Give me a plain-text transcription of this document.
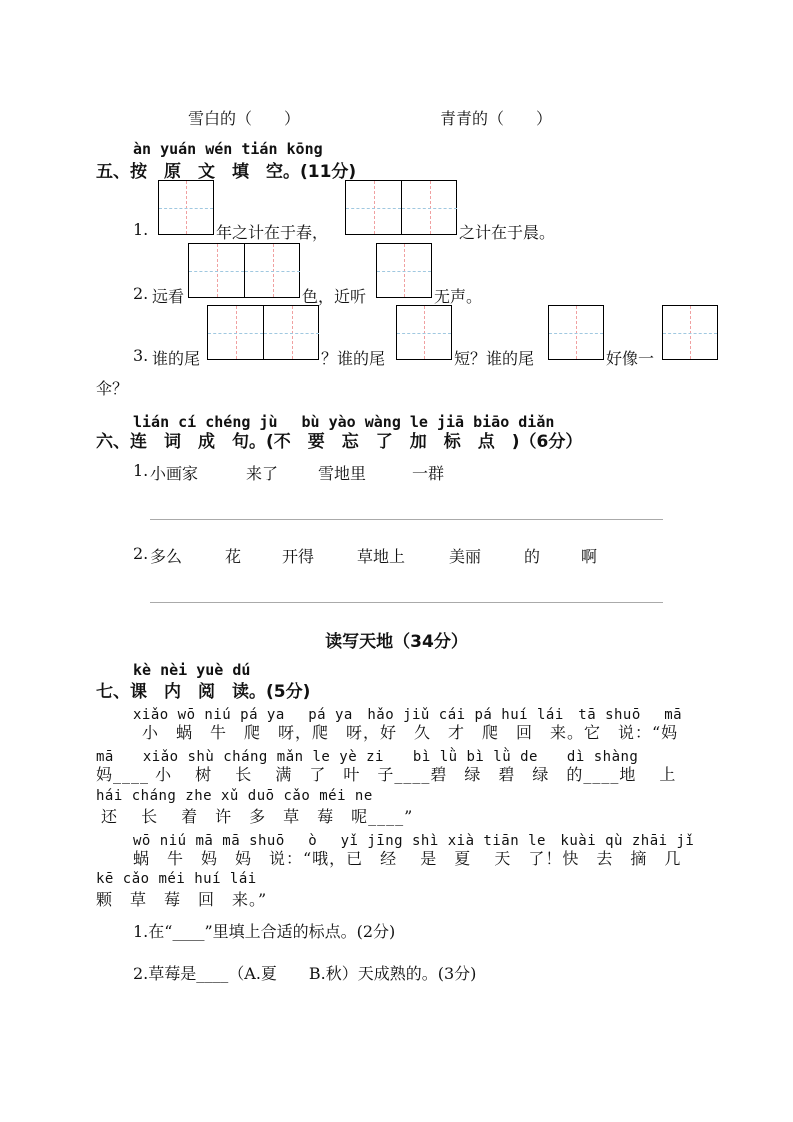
雪白的（　　）	青青的（　　）
àn yuán wén tián kōng
五、按　原　文　填　空。(11分)
1.	年之计在于春，	之计在于晨。
2. 远看	色，近听	无声。
3. 谁的尾	？谁的尾	短？谁的尾	好像一
伞？
lián cí chéng jù　 bù yào wàng le jiā biāo diǎn
六、连　词　成　句。(不　要　忘　了　加　标　点　)（6分）
1. 小画家	来了 雪地里	一群
2. 多么	花	开得	草地上	美丽	的	啊
读写天地（34分）
kè nèi yuè dú
七、课　内　阅　读。(5分)
xiǎo wō niú pá ya　 pá ya　hǎo jiǔ cái pá huí lái　tā shuō　 mā
小　蜗　牛　爬　呀，爬　呀，好　久　才　爬　回　来。它　说：“妈
mā　　xiǎo shù cháng mǎn le yè zi　　bì lǜ bì lǜ de　　dì shàng
妈____ 小　 树　 长　 满　了　叶　子____碧　绿　碧　绿　的____地　 上
hái cháng zhe xǔ duō cǎo méi ne
还　 长　 着　许　多　草　莓　呢____”
wō niú mā mā shuō　 ò　 yǐ jīng shì xià tiān le　kuài qù zhāi jǐ
蜗　牛　妈　妈　说：“哦，已　经　 是　夏　 天　了！快　去　摘　几
kē cǎo méi huí lái
颗　草　莓　回　来。”
1.在“____”里填上合适的标点。(2分)
2.草莓是____（A.夏　　B.秋）天成熟的。(3分)
